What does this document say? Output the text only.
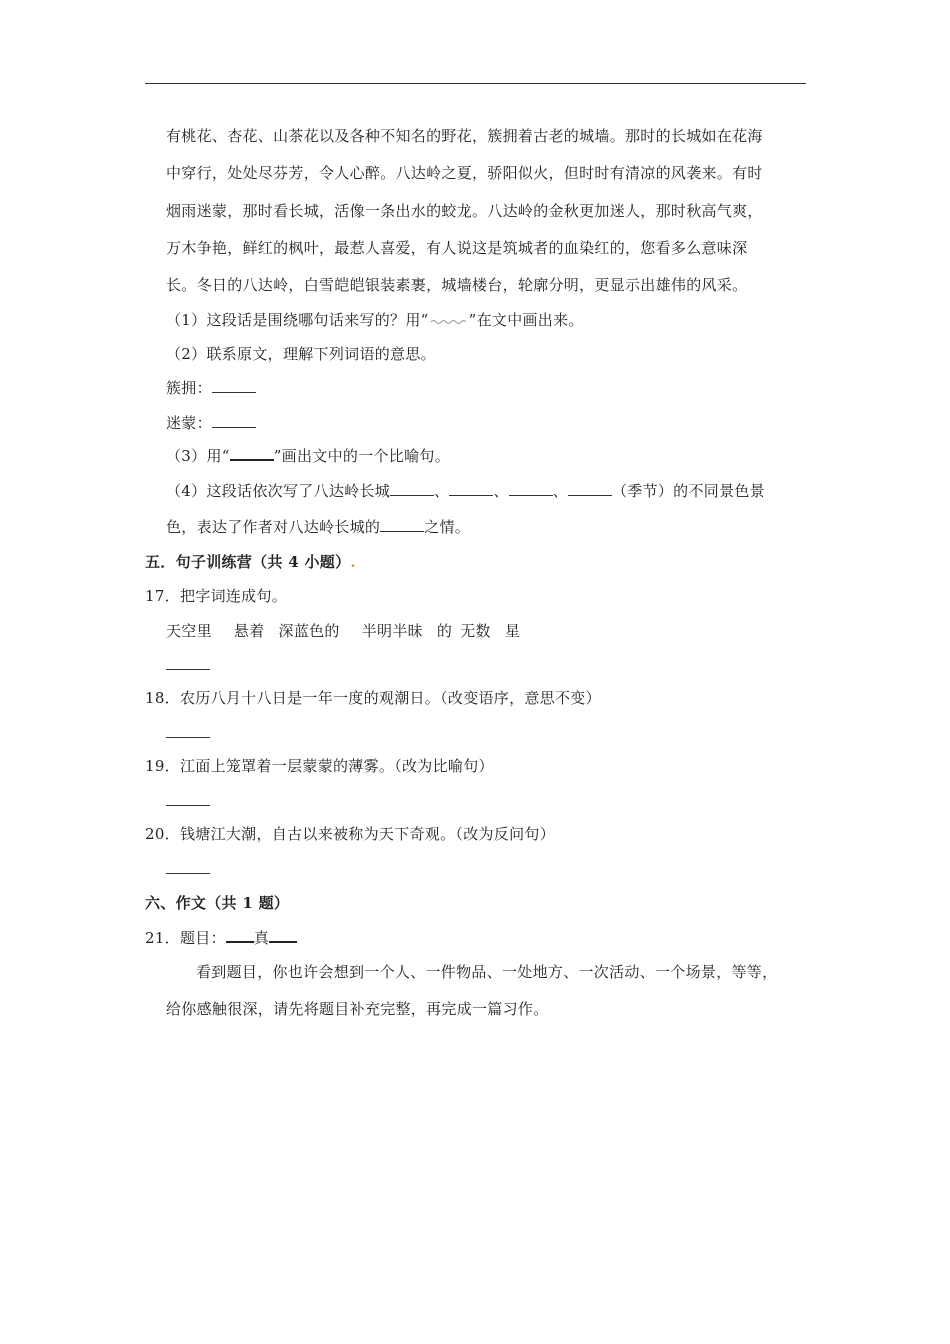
有桃花、杏花、山茶花以及各种不知名的野花，簇拥着古老的城墙。那时的长城如在花海
中穿行，处处尽芬芳，令人心醉。八达岭之夏，骄阳似火，但时时有清凉的风袭来。有时
烟雨迷蒙，那时看长城，活像一条出水的蛟龙。八达岭的金秋更加迷人，那时秋高气爽，
万木争艳，鲜红的枫叶，最惹人喜爱，有人说这是筑城者的血染红的，您看多么意味深
长。冬日的八达岭，白雪皑皑银装素裹，城墙楼台，轮廓分明，更显示出雄伟的风采。
（1）这段话是围绕哪句话来写的？用“	”在文中画出来。
（2）联系原文，理解下列词语的意思。
簇拥：
迷蒙：
（3）用“	”画出文中的一个比喻句。
（4）这段话依次写了八达岭长城	、	、	、	（季节）的不同景色景
色，表达了作者对八达岭长城的	之情。
五．句子训练营（共 4 小题）.
17．把字词连成句。
天空里 悬着 深蓝色的 半明半昧 的 无数 星
18．农历八月十八日是一年一度的观潮日。（改变语序，意思不变）
19．江面上笼罩着一层蒙蒙的薄雾。（改为比喻句）
20．钱塘江大潮，自古以来被称为天下奇观。（改为反问句）
六、作文（共 1 题）
21．题目： 真
看到题目，你也许会想到一个人、一件物品、一处地方、一次活动、一个场景，等等，
给你感触很深，请先将题目补充完整，再完成一篇习作。
